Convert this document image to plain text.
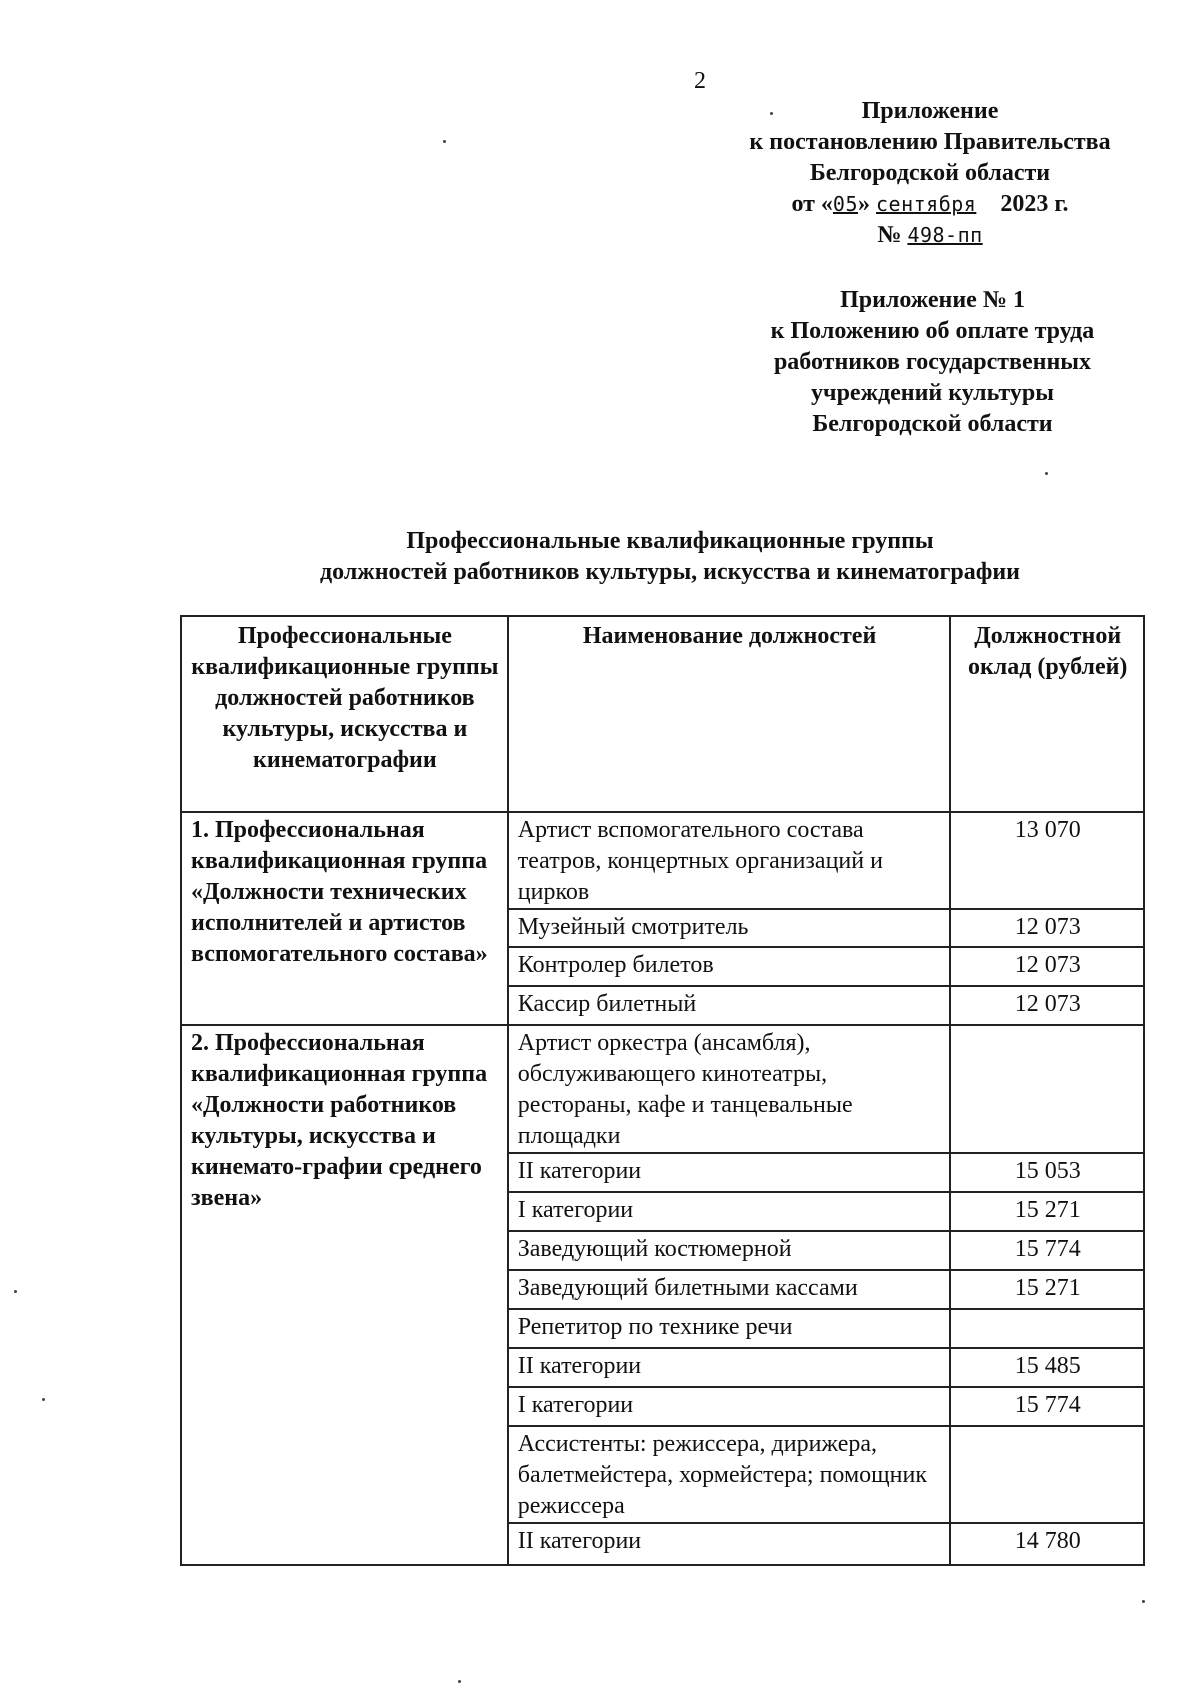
2
Приложение
к постановлению Правительства
Белгородской области
от «05» сентября 2023 г.
№ 498-пп
Приложение № 1
к Положению об оплате труда
работников государственных
учреждений культуры
Белгородской области
Профессиональные квалификационные группы
должностей работников культуры, искусства и кинематографии
Профессиональные квалификационные группы должностей работников культуры, искусства и кинематографии	Наименование должностей	Должностной оклад (рублей)
1. Профессиональная квалификационная группа «Должности технических исполнителей и артистов вспомогательного состава»	Артист вспомогательного состава театров, концертных организаций и цирков	13 070
	Музейный смотритель	12 073
	Контролер билетов	12 073
	Кассир билетный	12 073
2. Профессиональная квалификационная группа «Должности работников культуры, искусства и кинемато-графии среднего звена»	Артист оркестра (ансамбля), обслуживающего кинотеатры, рестораны, кафе и танцевальные площадки	
	II категории	15 053
	I категории	15 271
	Заведующий костюмерной	15 774
	Заведующий билетными кассами	15 271
	Репетитор по технике речи	
	II категории	15 485
	I категории	15 774
	Ассистенты: режиссера, дирижера, балетмейстера, хормейстера; помощник режиссера	
	II категории	14 780
